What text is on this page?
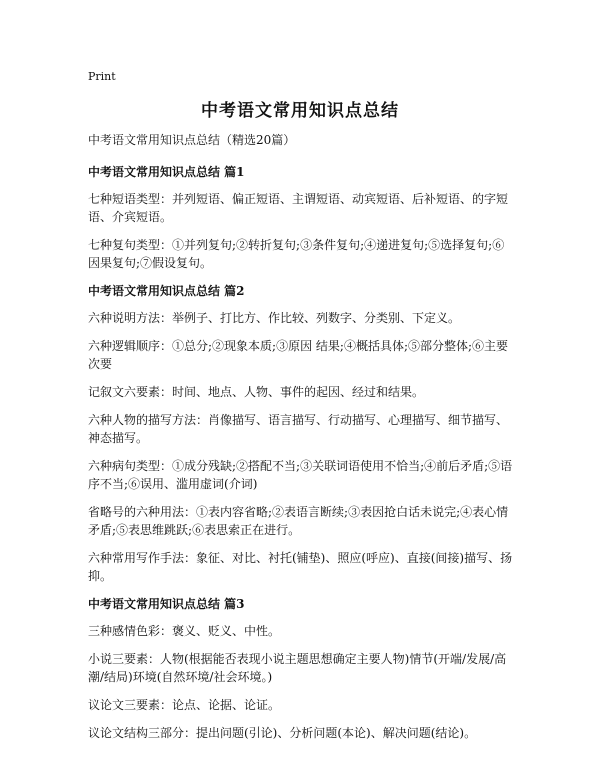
Print
中考语文常用知识点总结

中考语文常用知识点总结（精选20篇）

中考语文常用知识点总结 篇1

七种短语类型：并列短语、偏正短语、主谓短语、动宾短语、后补短语、的字短语、介宾短语。

七种复句类型：①并列复句;②转折复句;③条件复句;④递进复句;⑤选择复句;⑥因果复句;⑦假设复句。

中考语文常用知识点总结 篇2

六种说明方法：举例子、打比方、作比较、列数字、分类别、下定义。

六种逻辑顺序：①总分;②现象本质;③原因 结果;④概括具体;⑤部分整体;⑥主要次要

记叙文六要素：时间、地点、人物、事件的起因、经过和结果。

六种人物的描写方法：肖像描写、语言描写、行动描写、心理描写、细节描写、神态描写。

六种病句类型：①成分残缺;②搭配不当;③关联词语使用不恰当;④前后矛盾;⑤语序不当;⑥误用、滥用虚词(介词)

省略号的六种用法：①表内容省略;②表语言断续;③表因抢白话未说完;④表心情矛盾;⑤表思维跳跃;⑥表思索正在进行。

六种常用写作手法：象征、对比、衬托(铺垫)、照应(呼应)、直接(间接)描写、扬抑。

中考语文常用知识点总结 篇3

三种感情色彩：褒义、贬义、中性。

小说三要素：人物(根据能否表现小说主题思想确定主要人物)情节(开端/发展/高潮/结局)环境(自然环境/社会环境。)

议论文三要素：论点、论据、论证。

议论文结构三部分：提出问题(引论)、分析问题(本论)、解决问题(结论)。
